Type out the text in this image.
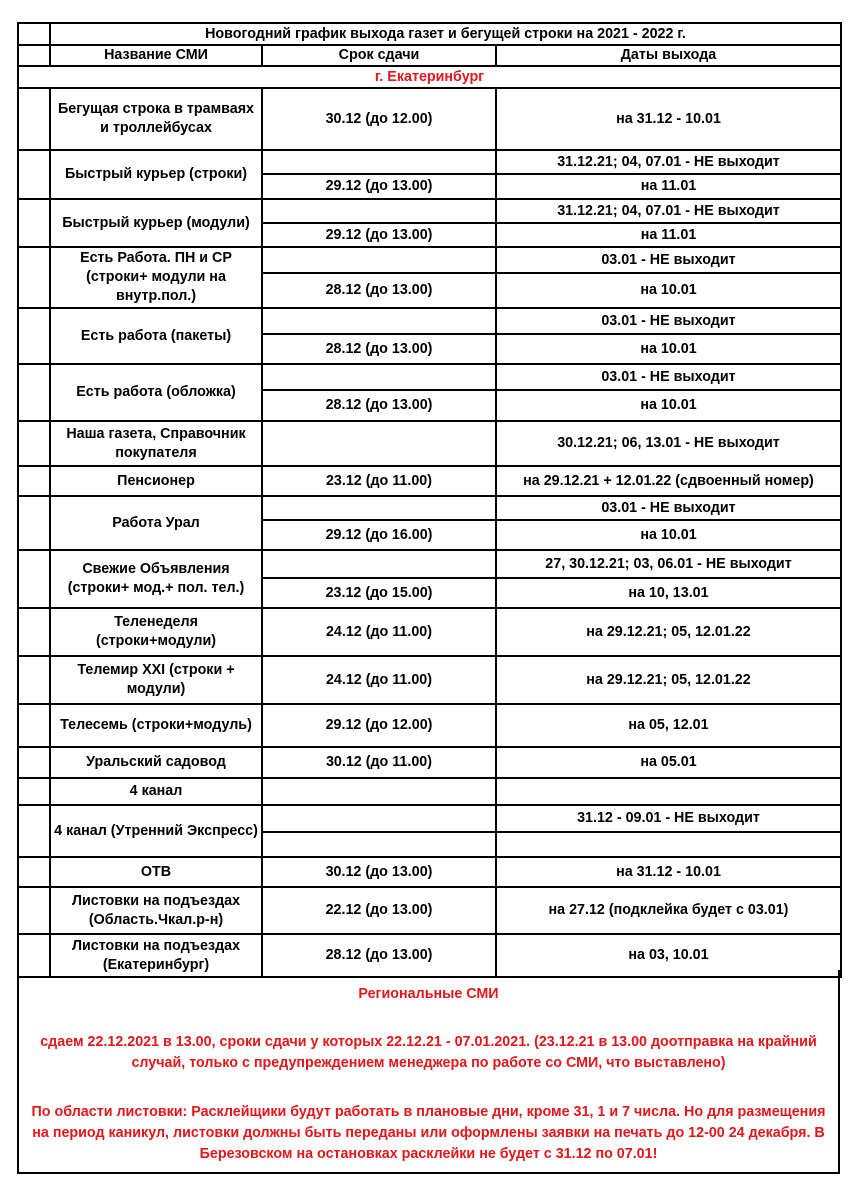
	Новогодний график выхода газет и бегущей строки на 2021 - 2022 г.		
	Название СМИ	Срок сдачи	Даты выхода
г. Екатеринбург			
	Бегущая строка в трамваях и троллейбусах	30.12 (до 12.00)	на 31.12 - 10.01
	Быстрый курьер (строки)		31.12.21; 04, 07.01 - НЕ выходит
		29.12 (до 13.00)	на 11.01
	Быстрый курьер (модули)		31.12.21; 04, 07.01 - НЕ выходит
		29.12 (до 13.00)	на 11.01
	Есть Работа. ПН и СР (строки+ модули на внутр.пол.)		03.01 - НЕ выходит
		28.12 (до 13.00)	на 10.01
	Есть работа (пакеты)		03.01 - НЕ выходит
		28.12 (до 13.00)	на 10.01
	Есть работа (обложка)		03.01 - НЕ выходит
		28.12 (до 13.00)	на 10.01
	Наша газета, Справочник покупателя		30.12.21; 06, 13.01 - НЕ выходит
	Пенсионер	23.12 (до 11.00)	на 29.12.21 + 12.01.22 (сдвоенный номер)
	Работа Урал		03.01 - НЕ выходит
		29.12 (до 16.00)	на 10.01
	Свежие Объявления (строки+ мод.+ пол. тел.)		27, 30.12.21; 03, 06.01 - НЕ выходит
		23.12 (до 15.00)	на 10, 13.01
	Теленеделя (строки+модули)	24.12 (до 11.00)	на 29.12.21; 05, 12.01.22
	Телемир XXI (строки + модули)	24.12 (до 11.00)	на 29.12.21; 05, 12.01.22
	Телесемь (строки+модуль)	29.12 (до 12.00)	на 05, 12.01
	Уральский садовод	30.12 (до 11.00)	на 05.01
	4 канал		
	4 канал (Утренний Экспресс)		31.12 - 09.01 - НЕ выходит

	ОТВ	30.12 (до 13.00)	на 31.12 - 10.01
	Листовки на подъездах (Область.Чкал.р-н)	22.12 (до 13.00)	на 27.12 (подклейка будет с 03.01)
	Листовки на подъездах (Екатеринбург)	28.12 (до 13.00)	на 03, 10.01
Региональные СМИ
сдаем 22.12.2021 в 13.00, сроки сдачи у которых 22.12.21 - 07.01.2021. (23.12.21 в 13.00 доотправка на крайний случай, только с предупреждением менеджера по работе со СМИ, что выставлено)
По области листовки: Расклейщики будут работать в плановые дни, кроме 31, 1 и 7 числа. Но для размещения на период каникул, листовки должны быть переданы или оформлены заявки на печать до 12-00 24 декабря. В Березовском на остановках расклейки не будет с 31.12 по 07.01!
